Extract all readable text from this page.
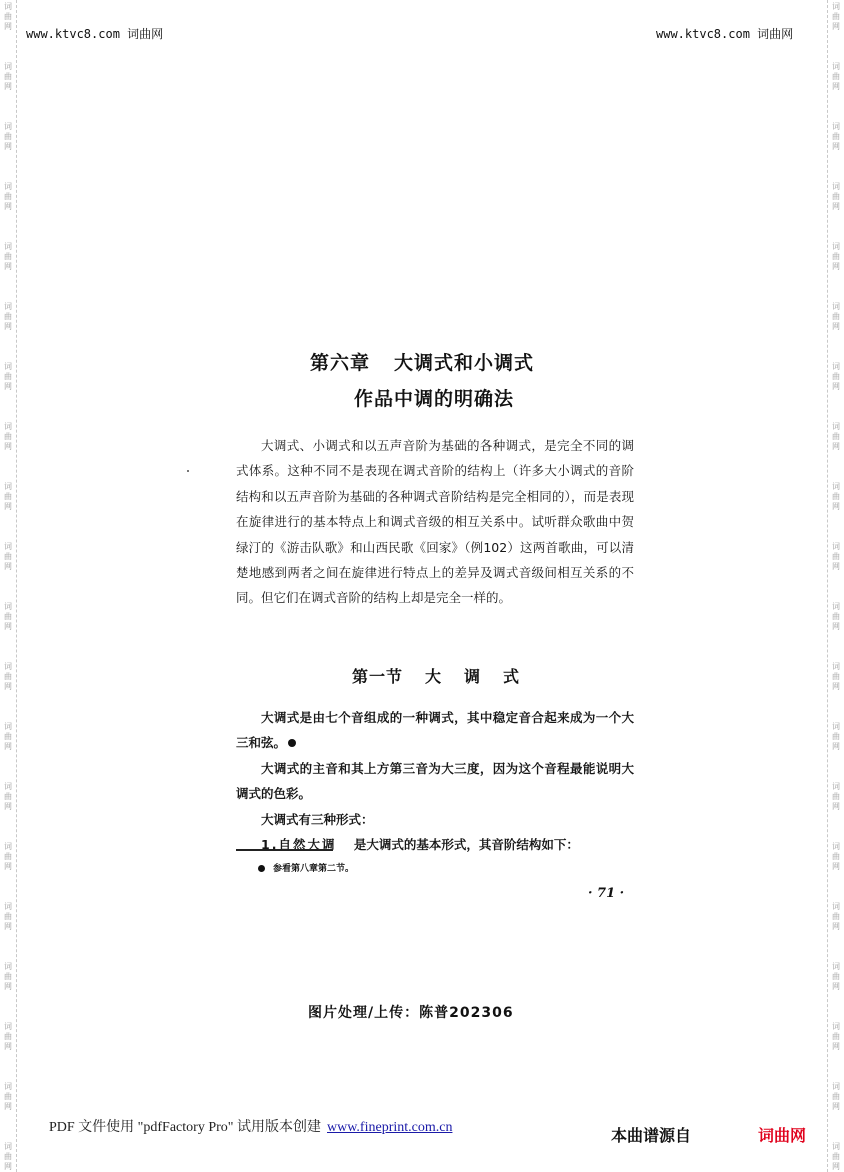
词
曲
网
词
曲
网
词
曲
网
词
曲
网
词
曲
网
词
曲
网
词
曲
网
词
曲
网
词
曲
网
词
曲
网
词
曲
网
词
曲
网
词
曲
网
词
曲
网
词
曲
网
词
曲
网
词
曲
网
词
曲
网
词
曲
网
词
曲
网
词
曲
网
词
曲
网
词
曲
网
词
曲
网
词
曲
网
词
曲
网
词
曲
网
词
曲
网
词
曲
网
词
曲
网
词
曲
网
词
曲
网
词
曲
网
词
曲
网
词
曲
网
词
曲
网
词
曲
网
词
曲
网
词
曲
网
词
曲
网
www.ktvc8.com 词曲网	www.ktvc8.com 词曲网
第六章 大调式和小调式
作品中调的明确法

大调式、小调式和以五声音阶为基础的各种调式，是完全不同的调式体系。这种不同不是表现在调式音阶的结构上（许多大小调式的音阶结构和以五声音阶为基础的各种调式音阶结构是完全相同的），而是表现在旋律进行的基本特点上和调式音级的相互关系中。试听群众歌曲中贺绿汀的《游击队歌》和山西民歌《回家》（例102）这两首歌曲，可以清楚地感到两者之间在旋律进行特点上的差异及调式音级间相互关系的不同。但它们在调式音阶的结构上却是完全一样的。

第一节 大 调 式

大调式是由七个音组成的一种调式，其中稳定音合起来成为一个大三和弦。

大调式的主音和其上方第三音为大三度，因为这个音程最能说明大调式的色彩。

大调式有三种形式：

1.自然大调 是大调式的基本形式，其音阶结构如下：

参看第八章第二节。
· 71 ·
图片处理/上传：陈普202306
PDF 文件使用 "pdfFactory Pro" 试用版本创建 www.fineprint.com.cn	本曲谱源自	词曲网
